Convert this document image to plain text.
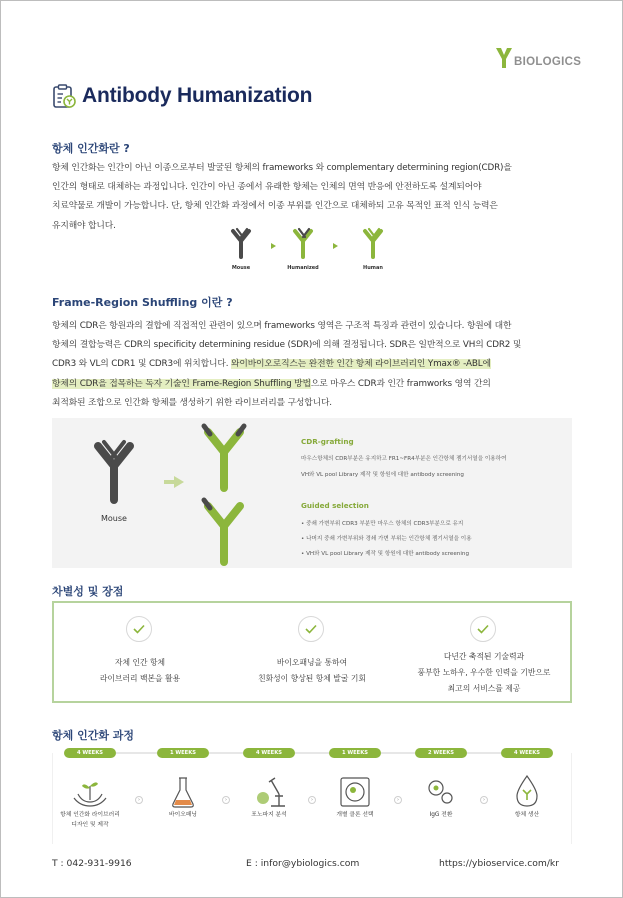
BIOLOGICS
Antibody Humanization
항체 인간화란 ?
항체 인간화는 인간이 아닌 이종으로부터 발굴된 항체의 frameworks 와 complementary determining region(CDR)을
인간의 형태로 대체하는 과정입니다. 인간이 아닌 종에서 유래한 항체는 인체의 면역 반응에 안전하도록 설계되어야
치료약물로 개발이 가능합니다. 단, 항체 인간화 과정에서 이종 부위를 인간으로 대체하되 고유 목적인 표적 인식 능력은
유지해야 합니다.
Mouse	Humanized	Human
Frame-Region Shuffling 이란 ?
항체의 CDR은 항원과의 결합에 직접적인 관련이 있으며 frameworks 영역은 구조적 특징과 관련이 있습니다. 항원에 대한
항체의 결합능력은 CDR의 specificity determining residue (SDR)에 의해 결정됩니다. SDR은 일반적으로 VH의 CDR2 및
CDR3 와 VL의 CDR1 및 CDR3에 위치합니다. 와이바이오로직스는 완전한 인간 항체 라이브러리인 Ymax® -ABL에
항체의 CDR을 접목하는 독자 기술인 Frame-Region Shuffling 방법으로 마우스 CDR과 인간 framworks 영역 간의
최적화된 조합으로 인간화 항체를 생성하기 위한 라이브러리를 구성합니다.
Mouse
CDR-grafting
마우스항체의 CDR부분은 유지하고 FR1~FR4부분은 인간항체 젬기서열을 이용하여
VH와 VL pool Library 제작 및 항원에 대한 antibody screening
Guided selection
• 중쇄 가변부위 CDR3 부분만 마우스 항체의 CDR3부분으로 유지
• 나머지 중쇄 가변부위와 경쇄 가변 부위는 인간항체 젬기서열을 이용
• VH와 VL pool Library 제작 및 항원에 대한 antibody screening
차별성 및 장점
자체 인간 항체
라이브러리 백본을 활용
바이오패닝을 통하여
친화성이 향상된 항체 발굴 기회
다년간 축적된 기술력과
풍부한 노하우, 우수한 인력을 기반으로
최고의 서비스를 제공
항체 인간화 과정
4 WEEKS
항체 인간화 라이브러리
디자인 및 제작
›
1 WEEKS
바이오패닝
›
4 WEEKS
포노파지 분석
›
1 WEEKS
개별 클론 선택
›
2 WEEKS
IgG 전환
›
4 WEEKS
항체 생산
T : 042-931-9916	E : infor@ybiologics.com	https://ybioservice.com/kr
